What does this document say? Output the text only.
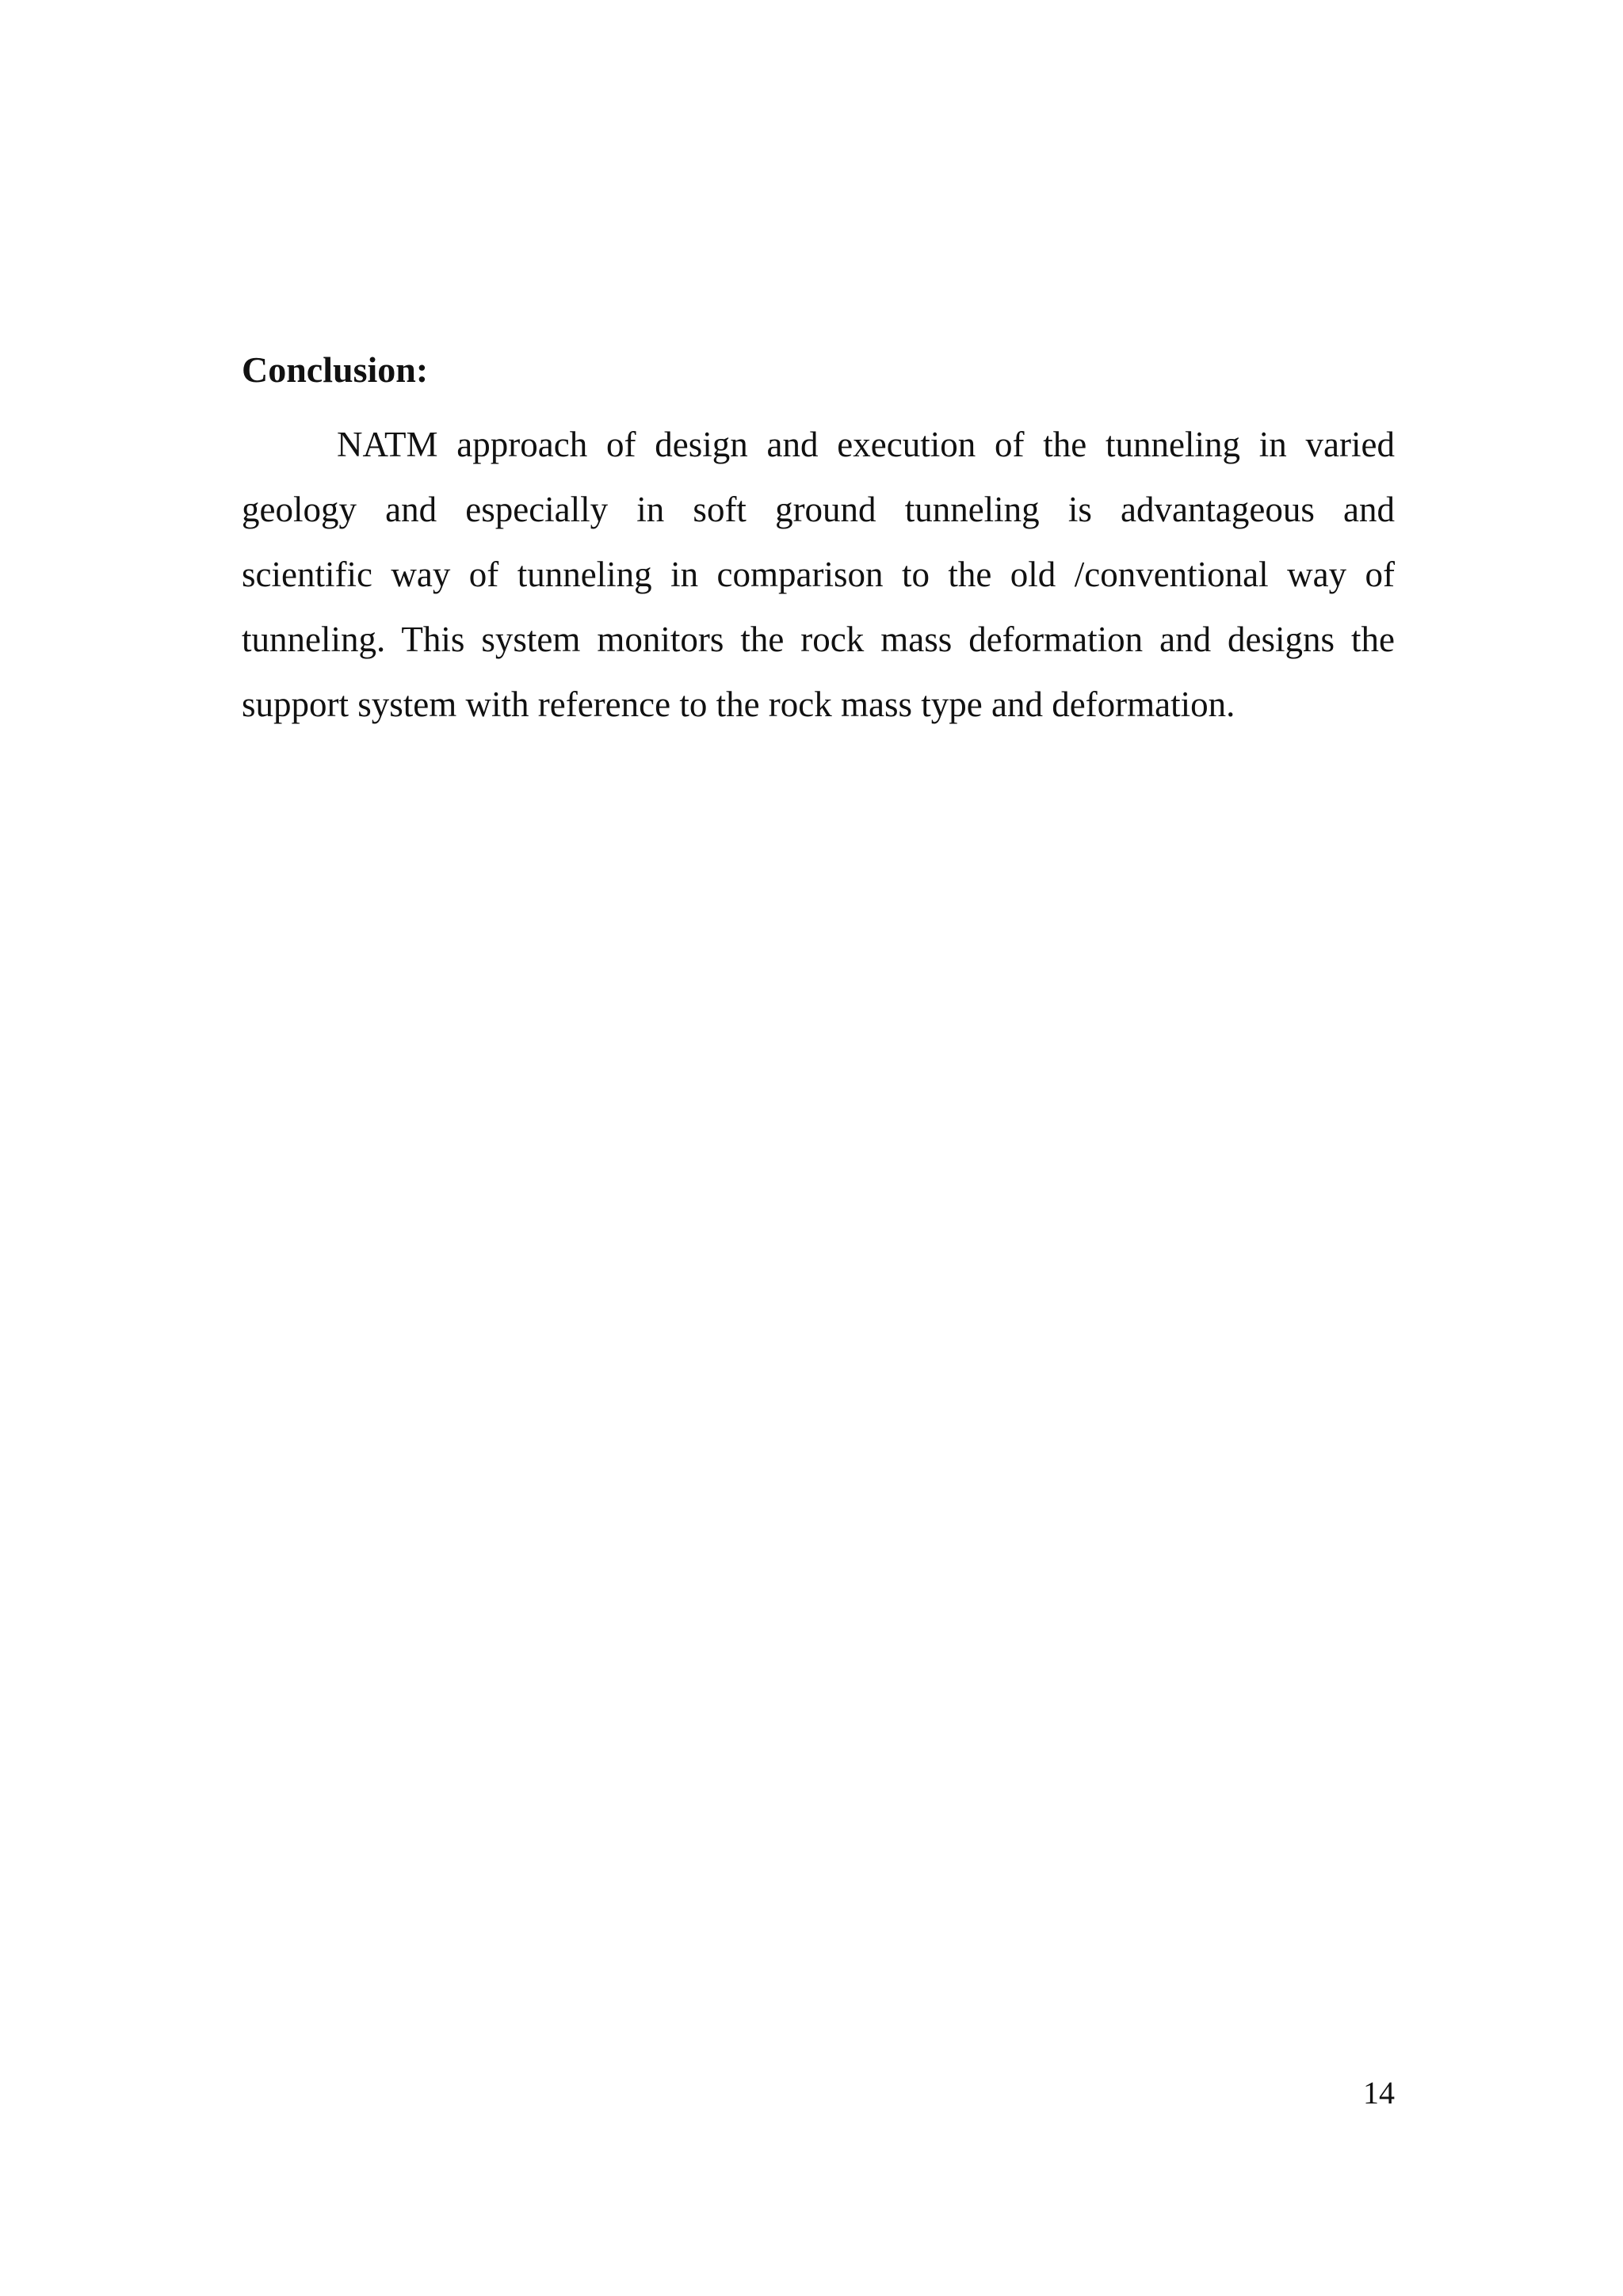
Conclusion:
NATM approach of design and execution of the tunneling in varied
geology and especially in soft ground tunneling is advantageous and
scientific way of tunneling in comparison to the old /conventional way of
tunneling. This system monitors the rock mass deformation and designs the
support system with reference to the rock mass type and deformation.
14
